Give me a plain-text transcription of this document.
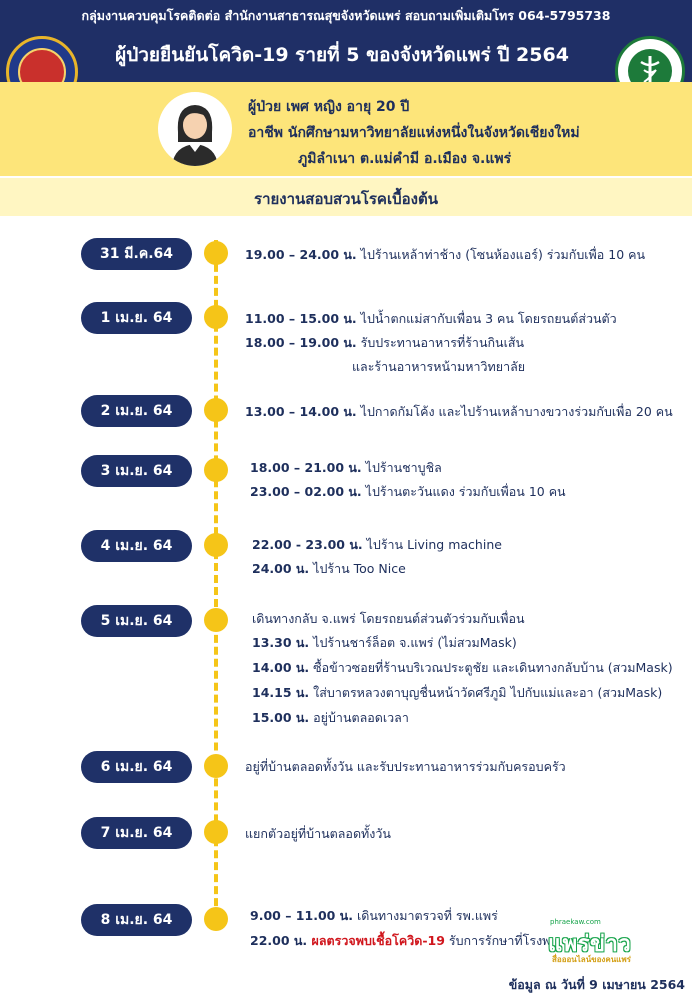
กลุ่มงานควบคุมโรคติดต่อ สำนักงานสาธารณสุขจังหวัดแพร่ สอบถามเพิ่มเติมโทร 064-5795738
ผู้ป่วยยืนยันโควิด-19 รายที่ 5 ของจังหวัดแพร่ ปี 2564
ผู้ป่วย เพศ หญิง อายุ 20 ปี
อาชีพ นักศึกษามหาวิทยาลัยแห่งหนึ่งในจังหวัดเชียงใหม่
ภูมิลำเนา ต.แม่คำมี อ.เมือง จ.แพร่
รายงานสอบสวนโรคเบื้องต้น
31 มี.ค.64	19.00 – 24.00 น. ไปร้านเหล้าท่าช้าง (โซนห้องแอร์) ร่วมกับเพื่อ 10 คน
1 เม.ย. 64	11.00 – 15.00 น. ไปน้ำตกแม่สากับเพื่อน 3 คน โดยรถยนต์ส่วนตัว
18.00 – 19.00 น. รับประทานอาหารที่ร้านกินเส้น
และร้านอาหารหน้ามหาวิทยาลัย
2 เม.ย. 64	13.00 – 14.00 น. ไปกาดกัมโค้ง และไปร้านเหล้าบางขวางร่วมกับเพื่อ 20 คน
3 เม.ย. 64	18.00 – 21.00 น. ไปร้านชาบูชิล
23.00 – 02.00 น. ไปร้านตะวันแดง ร่วมกับเพื่อน 10 คน
4 เม.ย. 64	22.00 - 23.00 น. ไปร้าน Living machine
24.00 น. ไปร้าน Too Nice
5 เม.ย. 64	เดินทางกลับ จ.แพร่ โดยรถยนต์ส่วนตัวร่วมกับเพื่อน
13.30 น. ไปร้านชาร์ล็อต จ.แพร่ (ไม่สวมMask)
14.00 น. ซื้อข้าวซอยที่ร้านบริเวณประตูชัย และเดินทางกลับบ้าน (สวมMask)
14.15 น. ใส่บาตรหลวงตาบุญชื่นหน้าวัดศรีภูมิ ไปกับแม่และอา (สวมMask)
15.00 น. อยู่บ้านตลอดเวลา
6 เม.ย. 64	อยู่ที่บ้านตลอดทั้งวัน และรับประทานอาหารร่วมกับครอบครัว
7 เม.ย. 64	แยกตัวอยู่ที่บ้านตลอดทั้งวัน
8 เม.ย. 64	9.00 – 11.00 น. เดินทางมาตรวจที่ รพ.แพร่
22.00 น. ผลตรวจพบเชื้อโควิด-19 รับการรักษาที่โรงพ
phraekaw.com
แพร่ข่าว
สื่อออนไลน์ของคนแพร่
ข้อมูล ณ วันที่ 9 เมษายน 2564
